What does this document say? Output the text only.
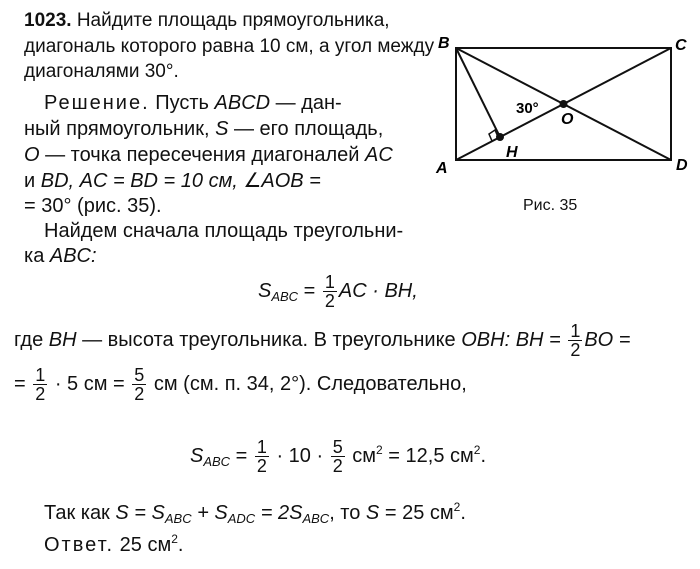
1023. Найдите площадь прямоугольника,
диагональ которого равна 10 см, а угол между
диагоналями 30°.
Решение. Пусть ABCD — дан-
ный прямоугольник, S — его площадь,
O — точка пересечения диагоналей AC
и BD, AC = BD = 10 см, ∠AOB =
= 30° (рис. 35).
Найдем сначала площадь треугольни-
ка ABC:
$S_{ABC} = \frac{1}{2}$ AC · BH,
где BH — высота треугольника. В треугольнике OBH: BH = $\frac{1}{2}$ BO =
= $\frac{1}{2} \cdot 5$ см = $\frac{5}{2}$ см (см. п. 34, 2°). Следовательно,
$S_{ABC} = \frac{1}{2} \cdot 10 \cdot \frac{5}{2} см^2 = 12,5$ $см^2$.
Так как $S = S_{ABC} + S_{ADC} = 2S_{ABC}$, то S = 25 $см^2$.
Ответ. 25 $см^2$.
B	C
A	D
O
H
30°
Рис. 35
